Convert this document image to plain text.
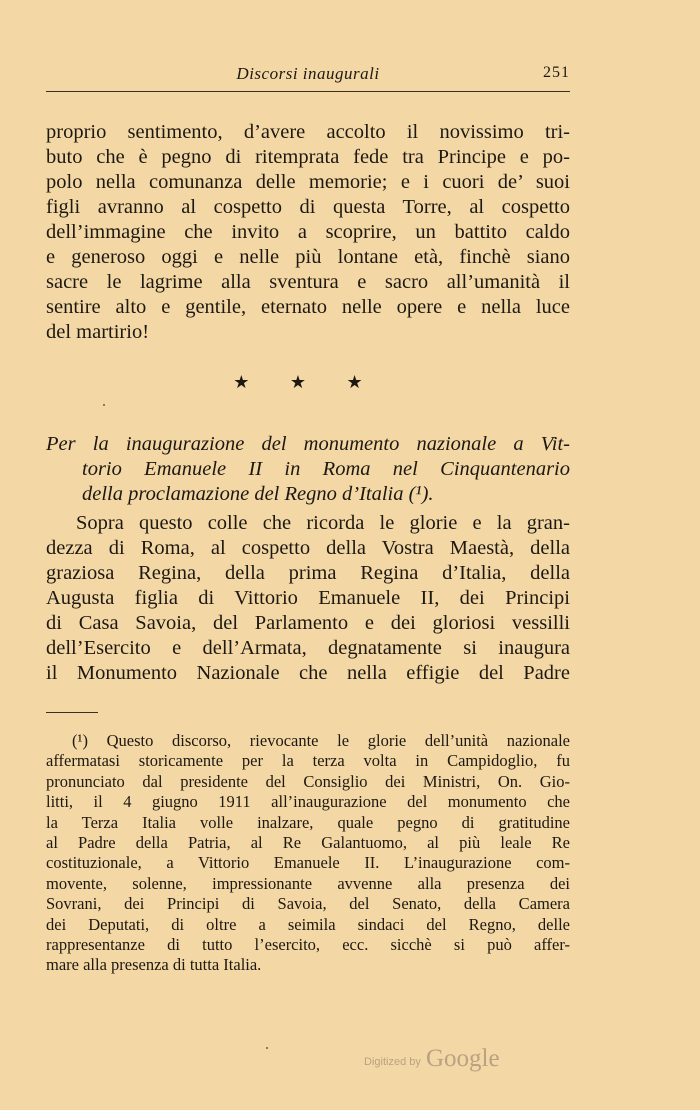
Discorsi inaugurali	251
proprio sentimento, d’avere accolto il novissimo tri-
buto che è pegno di ritemprata fede tra Principe e po-
polo nella comunanza delle memorie; e i cuori de’ suoi
figli avranno al cospetto di questa Torre, al cospetto
dell’immagine che invito a scoprire, un battito caldo
e generoso oggi e nelle più lontane età, finchè siano
sacre le lagrime alla sventura e sacro all’umanità il
sentire alto e gentile, eternato nelle opere e nella luce
del martirio!
★ ★ ★
Per la inaugurazione del monumento nazionale a Vit-
torio Emanuele II in Roma nel Cinquantenario
della proclamazione del Regno d’Italia (¹).
Sopra questo colle che ricorda le glorie e la gran-
dezza di Roma, al cospetto della Vostra Maestà, della
graziosa Regina, della prima Regina d’Italia, della
Augusta figlia di Vittorio Emanuele II, dei Principi
di Casa Savoia, del Parlamento e dei gloriosi vessilli
dell’Esercito e dell’Armata, degnatamente si inaugura
il Monumento Nazionale che nella effigie del Padre
(¹) Questo discorso, rievocante le glorie dell’unità nazionale
affermatasi storicamente per la terza volta in Campidoglio, fu
pronunciato dal presidente del Consiglio dei Ministri, On. Gio-
litti, il 4 giugno 1911 all’inaugurazione del monumento che
la Terza Italia volle inalzare, quale pegno di gratitudine
al Padre della Patria, al Re Galantuomo, al più leale Re
costituzionale, a Vittorio Emanuele II. L’inaugurazione com-
movente, solenne, impressionante avvenne alla presenza dei
Sovrani, dei Principi di Savoia, del Senato, della Camera
dei Deputati, di oltre a seimila sindaci del Regno, delle
rappresentanze di tutto l’esercito, ecc. sicchè si può affer-
mare alla presenza di tutta Italia.
Digitized by Google
